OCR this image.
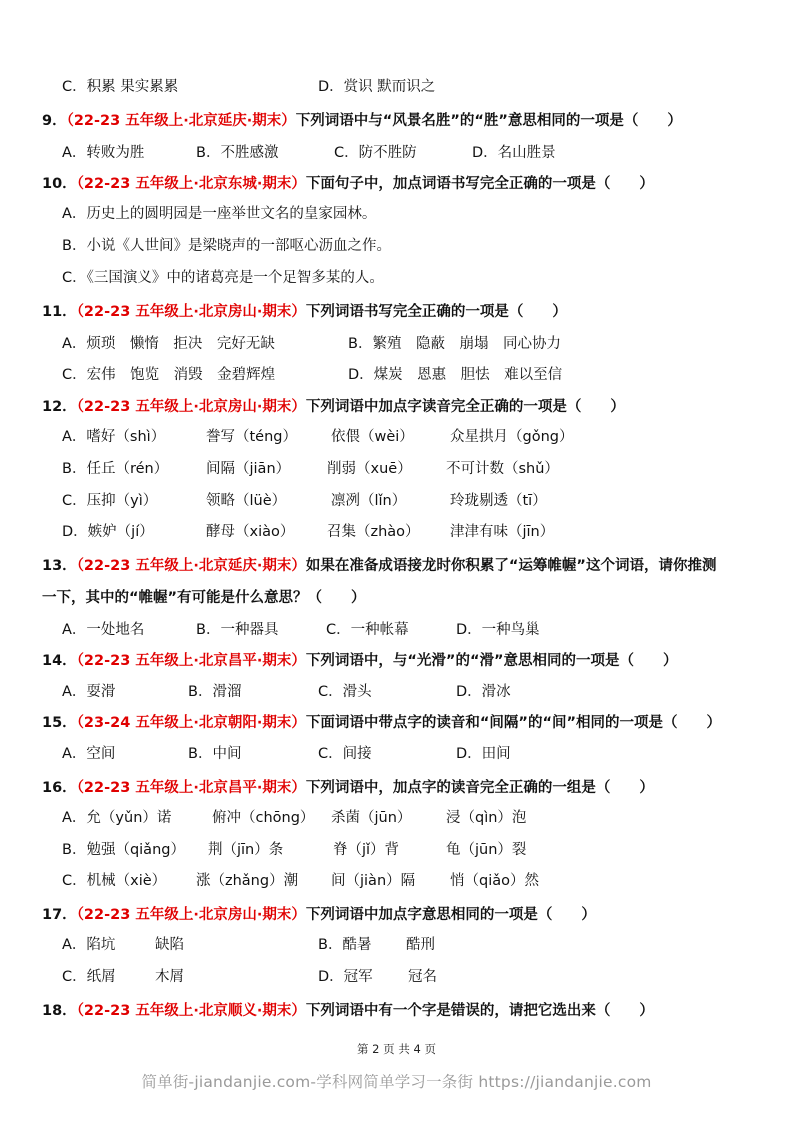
C．积累 果实累累	D．赏识 默而识之
9．（22-23 五年级上·北京延庆·期末）下列词语中与“风景名胜”的“胜”意思相同的一项是（　　）
A．转败为胜	B．不胜感激	C．防不胜防	D．名山胜景
10．（22-23 五年级上·北京东城·期末）下面句子中，加点词语书写完全正确的一项是（　　）
A．历史上的圆明园是一座举世文名的皇家园林。
B．小说《人世间》是梁晓声的一部呕心沥血之作。
C．《三国演义》中的诸葛亮是一个足智多某的人。
11．（22-23 五年级上·北京房山·期末）下列词语书写完全正确的一项是（　　）
A．烦琐　懒惰　拒决　完好无缺	B．繁殖　隐蔽　崩塌　同心协力
C．宏伟　饱览　消毁　金碧辉煌	D．煤炭　恩惠　胆怯　难以至信
12．（22-23 五年级上·北京房山·期末）下列词语中加点字读音完全正确的一项是（　　）
A．嗜好（shì）	誊写（téng） 依偎（wèi） 众星拱月（gǒng）
B．任丘（rén）	间隔（jiān）	削弱（xuē） 不可计数（shǔ）
C．压抑（yì）	领略（lüè）	凛冽（lǐn）	玲珑剔透（tī）
D．嫉妒（jí）	酵母（xiào） 召集（zhào） 津津有味（jīn）
13．（22-23 五年级上·北京延庆·期末）如果在准备成语接龙时你积累了“运筹帷幄”这个词语，请你推测
一下，其中的“帷幄”有可能是什么意思？（　　）
A．一处地名	B．一种器具	C．一种帐幕	D．一种鸟巢
14．（22-23 五年级上·北京昌平·期末）下列词语中，与“光滑”的“滑”意思相同的一项是（　　）
A．耍滑	B．滑溜	C．滑头	D．滑冰
15．（23-24 五年级上·北京朝阳·期末）下面词语中带点字的读音和“间隔”的“间”相同的一项是（　　）
A．空间	B．中间	C．间接	D．田间
16．（22-23 五年级上·北京昌平·期末）下列词语中，加点字的读音完全正确的一组是（　　）
A．允（yǔn）诺	俯冲（chōng） 杀菌（jūn） 浸（qìn）泡
B．勉强（qiǎng） 荆（jīn）条	脊（jǐ）背	龟（jūn）裂
C．机械（xiè） 涨（zhǎng）潮 间（jiàn）隔 悄（qiǎo）然
17．（22-23 五年级上·北京房山·期末）下列词语中加点字意思相同的一项是（　　）
A．陷坑	缺陷	B．酷暑 酷刑
C．纸屑	木屑	D．冠军 冠名
18．（22-23 五年级上·北京顺义·期末）下列词语中有一个字是错误的，请把它选出来（　　）
第 2 页 共 4 页
简单街-jiandanjie.com-学科网简单学习一条街 https://jiandanjie.com
